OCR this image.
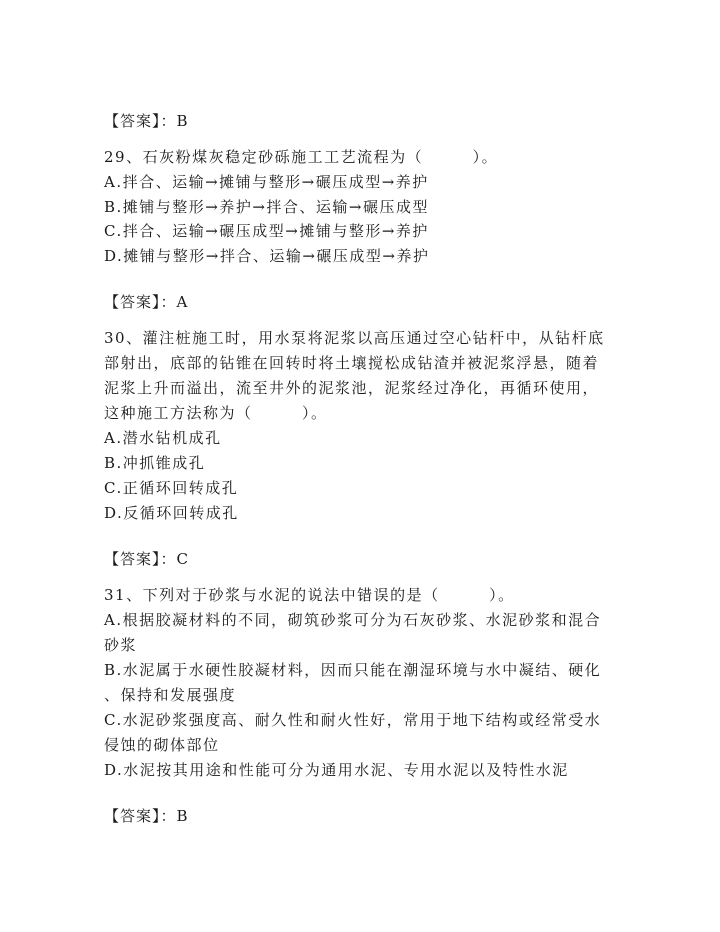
【答案】：B
29、石灰粉煤灰稳定砂砾施工工艺流程为（　　　）。
A.拌合、运输→摊铺与整形→碾压成型→养护
B.摊铺与整形→养护→拌合、运输→碾压成型
C.拌合、运输→碾压成型→摊铺与整形→养护
D.摊铺与整形→拌合、运输→碾压成型→养护
【答案】：A
30、灌注桩施工时，用水泵将泥浆以高压通过空心钻杆中，从钻杆底
部射出，底部的钻锥在回转时将土壤搅松成钻渣并被泥浆浮悬，随着
泥浆上升而溢出，流至井外的泥浆池，泥浆经过净化，再循环使用，
这种施工方法称为（　　　）。
A.潜水钻机成孔
B.冲抓锥成孔
C.正循环回转成孔
D.反循环回转成孔
【答案】：C
31、下列对于砂浆与水泥的说法中错误的是（　　　）。
A.根据胶凝材料的不同，砌筑砂浆可分为石灰砂浆、水泥砂浆和混合
砂浆
B.水泥属于水硬性胶凝材料，因而只能在潮湿环境与水中凝结、硬化
、保持和发展强度
C.水泥砂浆强度高、耐久性和耐火性好，常用于地下结构或经常受水
侵蚀的砌体部位
D.水泥按其用途和性能可分为通用水泥、专用水泥以及特性水泥
【答案】：B
